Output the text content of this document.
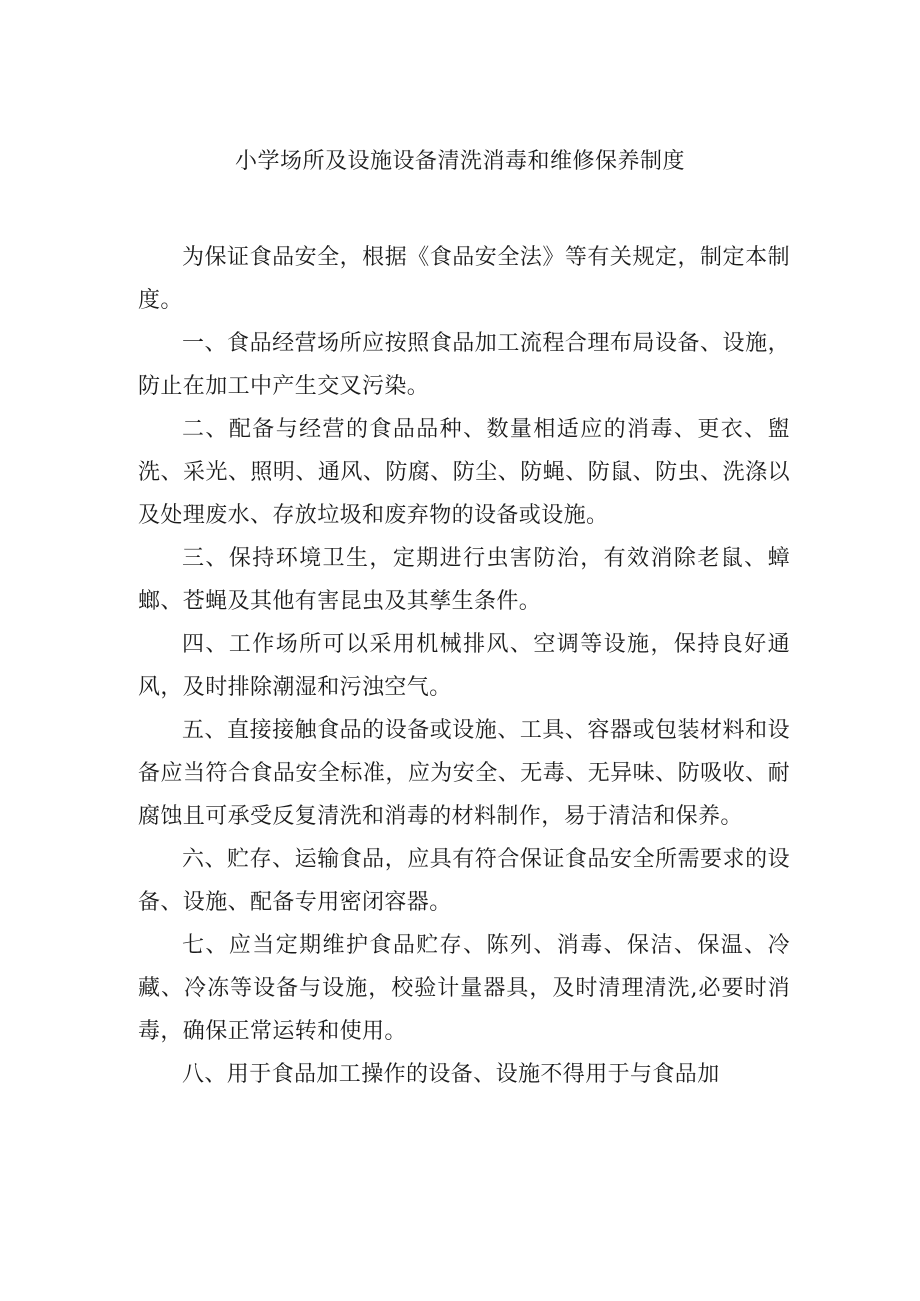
小学场所及设施设备清洗消毒和维修保养制度

为保证食品安全，根据《食品安全法》等有关规定，制定本制度。

一、食品经营场所应按照食品加工流程合理布局设备、设施，防止在加工中产生交叉污染。

二、配备与经营的食品品种、数量相适应的消毒、更衣、盥洗、采光、照明、通风、防腐、防尘、防蝇、防鼠、防虫、洗涤以及处理废水、存放垃圾和废弃物的设备或设施。

三、保持环境卫生，定期进行虫害防治，有效消除老鼠、蟑螂、苍蝇及其他有害昆虫及其孳生条件。

四、工作场所可以采用机械排风、空调等设施，保持良好通风，及时排除潮湿和污浊空气。

五、直接接触食品的设备或设施、工具、容器或包装材料和设备应当符合食品安全标准，应为安全、无毒、无异味、防吸收、耐腐蚀且可承受反复清洗和消毒的材料制作，易于清洁和保养。

六、贮存、运输食品，应具有符合保证食品安全所需要求的设备、设施、配备专用密闭容器。

七、应当定期维护食品贮存、陈列、消毒、保洁、保温、冷藏、冷冻等设备与设施，校验计量器具，及时清理清洗,必要时消毒，确保正常运转和使用。

八、用于食品加工操作的设备、设施不得用于与食品加
